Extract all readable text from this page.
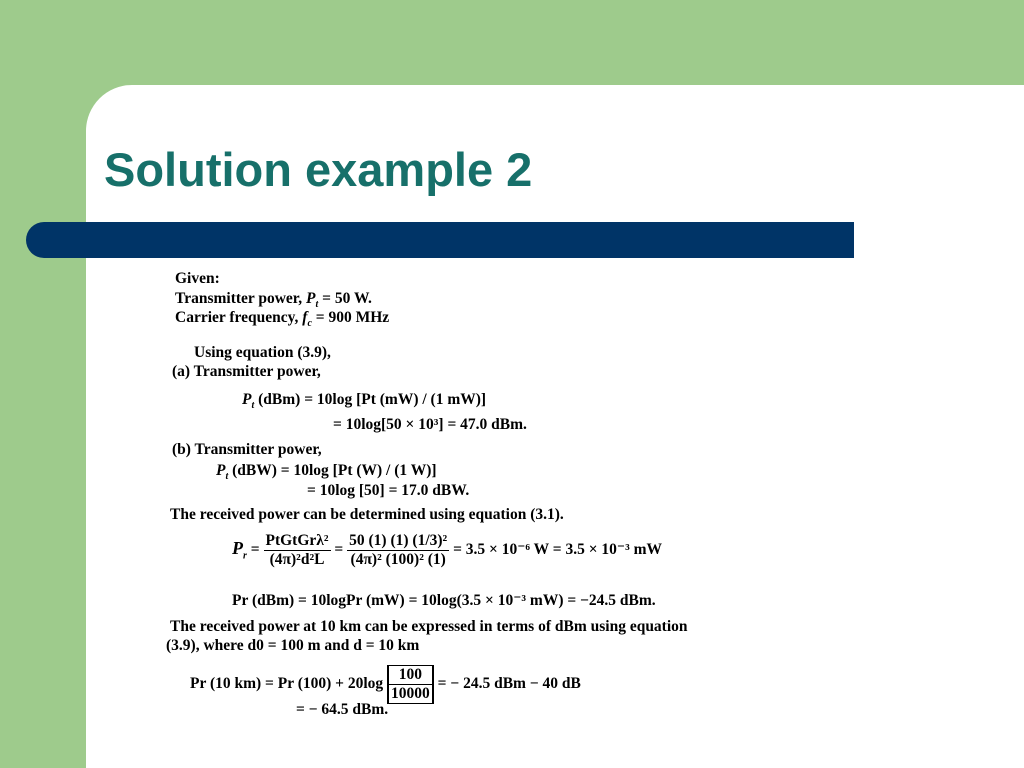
Solution example 2
Given:
Transmitter power, $P_t = 50$ W.
Carrier frequency, $f_c = 900$ MHz
Using equation (3.9),
(a) Transmitter power,
$P_t$ (dBm) = 10log [Pt (mW) / (1 mW)]
= 10log[50 × 10³] = 47.0 dBm.
(b) Transmitter power,
$P_t$ (dBW) = 10log [Pt (W) / (1 W)]
= 10log [50] = 17.0 dBW.
The received power can be determined using equation (3.1).
$P_r = \frac{\text{PtGtGrλ²}}{\text{(4π)²d²L}} = \frac{\text{50 (1) (1) (1/3)²}}{\text{(4π)² (100)² (1)}} = 3.5 \times 10^{-6}$ W = 3.5 × 10⁻³ mW
Pr (dBm) = 10logPr (mW) = 10log(3.5 × 10⁻³ mW) = −24.5 dBm.
The received power at 10 km can be expressed in terms of dBm using equation
(3.9), where d0 = 100 m and d = 10 km
Pr (10 km) = Pr $(100) + 20\log \frac{100}{10000}$ = − 24.5 dBm − 40 dB
= − 64.5 dBm.
